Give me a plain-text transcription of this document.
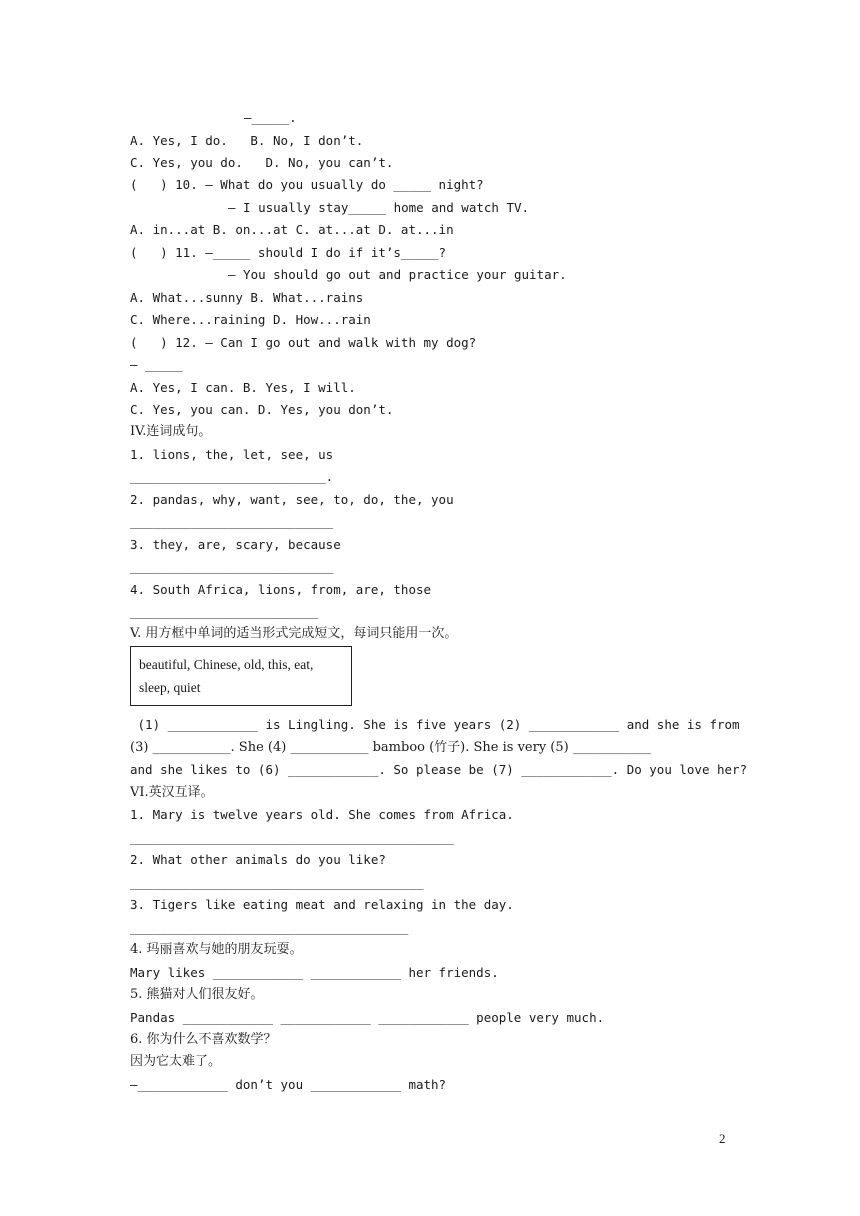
—_____.
A. Yes, I do.   B. No, I don’t.
C. Yes, you do.   D. No, you can’t.
(   ) 10. — What do you usually do _____ night?
— I usually stay_____ home and watch TV.
A. in...at B. on...at C. at...at D. at...in
(   ) 11. —_____ should I do if it’s_____?
— You should go out and practice your guitar.
A. What...sunny B. What...rains
C. Where...raining D. How...rain
(   ) 12. — Can I go out and walk with my dog?
— _____
A. Yes, I can. B. Yes, I will.
C. Yes, you can. D. Yes, you don’t.
IV.连词成句。
1. lions, the, let, see, us
__________________________.
2. pandas, why, want, see, to, do, the, you
___________________________
3. they, are, scary, because
___________________________
4. South Africa, lions, from, are, those
_________________________
V. 用方框中单词的适当形式完成短文，每词只能用一次。
(1) ____________ is Lingling. She is five years (2) ____________ and she is from
(3) ____________. She (4) ____________ bamboo (竹子). She is very (5) ____________
and she likes to (6) ____________. So please be (7) ____________. Do you love her?
VI.英汉互译。
1. Mary is twelve years old. She comes from Africa.
___________________________________________
2. What other animals do you like?
_______________________________________
3. Tigers like eating meat and relaxing in the day.
_____________________________________
4. 玛丽喜欢与她的朋友玩耍。
Mary likes ____________ ____________ her friends.
5. 熊猫对人们很友好。
Pandas ____________ ____________ ____________ people very much.
6. 你为什么不喜欢数学？
因为它太难了。
—____________ don’t you ____________ math?
beautiful, Chinese, old, this, eat,
sleep, quiet
2
